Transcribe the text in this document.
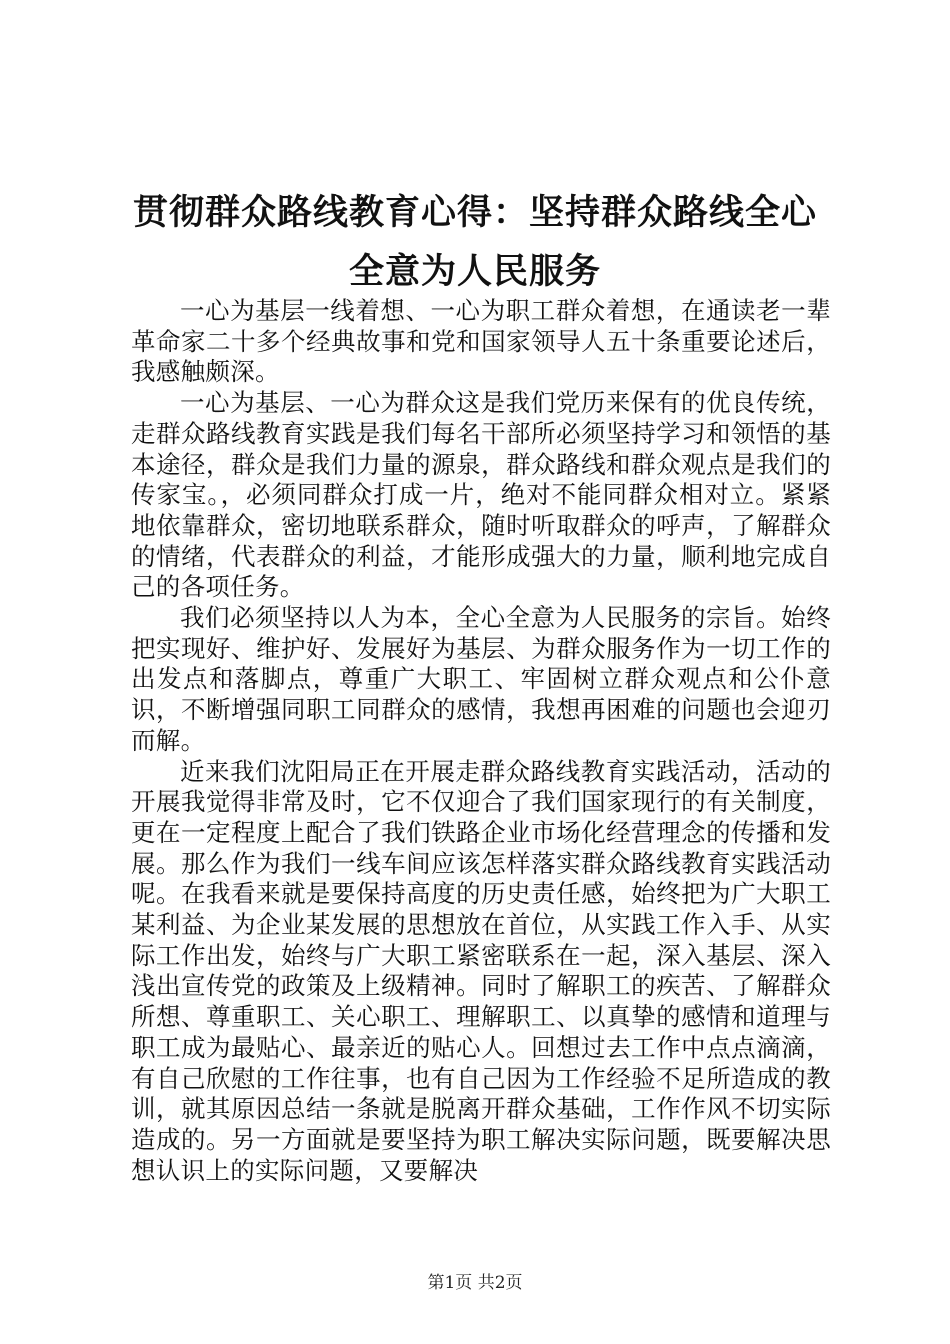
贯彻群众路线教育心得：坚持群众路线全心全意为人民服务

一心为基层一线着想、一心为职工群众着想，在通读老一辈革命家二十多个经典故事和党和国家领导人五十条重要论述后，我感触颇深。

一心为基层、一心为群众这是我们党历来保有的优良传统，走群众路线教育实践是我们每名干部所必须坚持学习和领悟的基本途径，群众是我们力量的源泉，群众路线和群众观点是我们的传家宝。，必须同群众打成一片，绝对不能同群众相对立。紧紧地依靠群众，密切地联系群众，随时听取群众的呼声，了解群众的情绪，代表群众的利益，才能形成强大的力量，顺利地完成自己的各项任务。

我们必须坚持以人为本，全心全意为人民服务的宗旨。始终把实现好、维护好、发展好为基层、为群众服务作为一切工作的出发点和落脚点，尊重广大职工、牢固树立群众观点和公仆意识，不断增强同职工同群众的感情，我想再困难的问题也会迎刃而解。

近来我们沈阳局正在开展走群众路线教育实践活动，活动的开展我觉得非常及时，它不仅迎合了我们国家现行的有关制度，更在一定程度上配合了我们铁路企业市场化经营理念的传播和发展。那么作为我们一线车间应该怎样落实群众路线教育实践活动呢。在我看来就是要保持高度的历史责任感，始终把为广大职工某利益、为企业某发展的思想放在首位，从实践工作入手、从实际工作出发，始终与广大职工紧密联系在一起，深入基层、深入浅出宣传党的政策及上级精神。同时了解职工的疾苦、了解群众所想、尊重职工、关心职工、理解职工、以真挚的感情和道理与职工成为最贴心、最亲近的贴心人。回想过去工作中点点滴滴，有自己欣慰的工作往事，也有自己因为工作经验不足所造成的教训，就其原因总结一条就是脱离开群众基础，工作作风不切实际造成的。另一方面就是要坚持为职工解决实际问题，既要解决思想认识上的实际问题，又要解决

第1页 共2页
